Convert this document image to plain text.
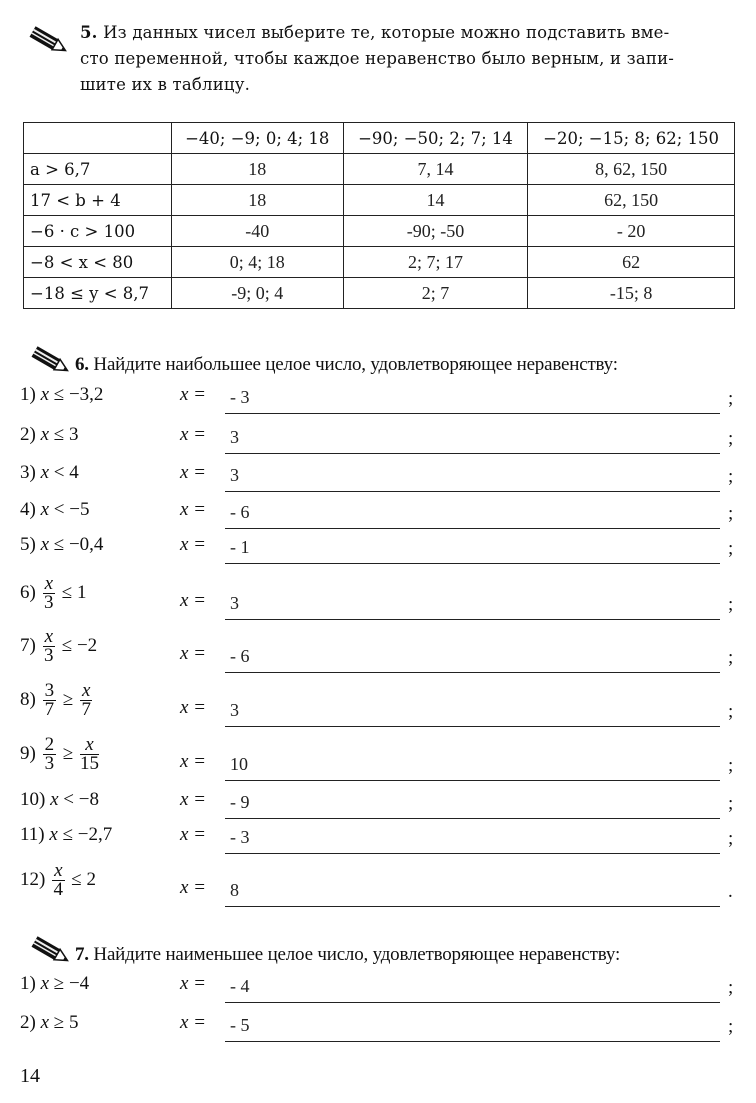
5. Из данных чисел выберите те, которые можно подставить вме-
сто переменной, чтобы каждое неравенство было верным, и запи-
шите их в таблицу.
	−40; −9; 0; 4; 18	−90; −50; 2; 7; 14	−20; −15; 8; 62; 150
a > 6,7	18	7, 14	8, 62, 150
17 < b + 4	18	14	62, 150
−6 · c > 100	-40	-90; -50	- 20
−8 < x < 80	0; 4; 18	2; 7; 17	62
−18 ≤ y < 8,7	-9; 0; 4	2; 7	-15; 8
6. Найдите наибольшее целое число, удовлетворяющее неравенству:
1) x ≤ −3,2	x = - 3	;
2) x ≤ 3	x = 3	;
3) x < 4	x = 3	;
4) x < −5	x = - 6	;
5) x ≤ −0,4	x = - 1	;
$6) \frac{x}{3} \le 1$	x = 3	;
$7) \frac{x}{3} \le -2$	x = - 6	;
$8) \frac{3}{7} \ge \frac{x}{7}$	x = 3	;
$9) \frac{2}{3} \ge \frac{x}{15}$	x = 10	;
10) x < −8	x = - 9	;
11) x ≤ −2,7	x = - 3	;
$12) \frac{x}{4} \le 2$	x = 8	.
7. Найдите наименьшее целое число, удовлетворяющее неравенству:
1) x ≥ −4	x = - 4	;
2) x ≥ 5	x = - 5	;
14
